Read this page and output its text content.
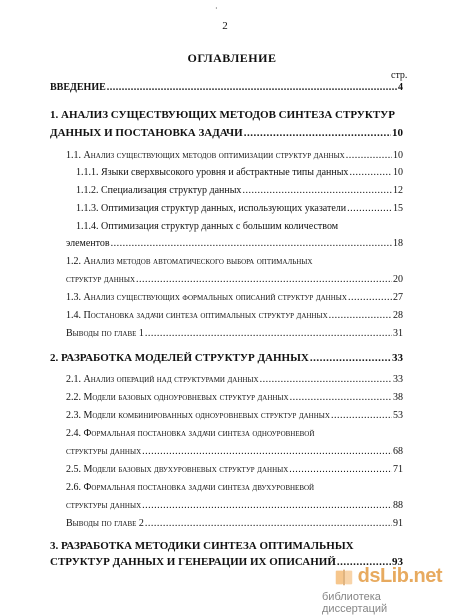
·
2
ОГЛАВЛЕНИЕ
стр.
ВВЕДЕНИЕ .....	4
1. АНАЛИЗ СУЩЕСТВУЮЩИХ МЕТОДОВ СИНТЕЗА СТРУКТУР
ДАННЫХ И ПОСТАНОВКА ЗАДАЧИ .....	10
1.1. Анализ существующих методов оптимизации структур данных .....	10
1.1.1. Языки сверхвысокого уровня и абстрактные типы данных .....	10
1.1.2. Специализация структур данных .....	12
1.1.3. Оптимизация структур данных, использующих указатели .....	15
1.1.4. Оптимизация структур данных с большим количеством
элементов .....	18
1.2. Анализ методов автоматического выбора оптимальных
структур данных .....	20
1.3. Анализ существующих формальных описаний структур данных .....	27
1.4. Постановка задачи синтеза оптимальных структур данных .....	28
Выводы по главе 1 .....	31
2. РАЗРАБОТКА МОДЕЛЕЙ СТРУКТУР ДАННЫХ .....	33
2.1. Анализ операций над структурами данных .....	33
2.2. Модели базовых одноуровневых структур данных .....	38
2.3. Модели комбинированных одноуровневых структур данных .....	53
2.4. Формальная постановка задачи синтеза одноуровневой
структуры данных .....	68
2.5. Модели базовых двухуровневых структур данных .....	71
2.6. Формальная постановка задачи синтеза двухуровневой
структуры данных .....	88
Выводы по главе 2 .....	91
3. РАЗРАБОТКА МЕТОДИКИ СИНТЕЗА ОПТИМАЛЬНЫХ
СТРУКТУР ДАННЫХ И ГЕНЕРАЦИИ ИХ ОПИСАНИЙ .....	93
dsLib.net
библиотека диссертаций
